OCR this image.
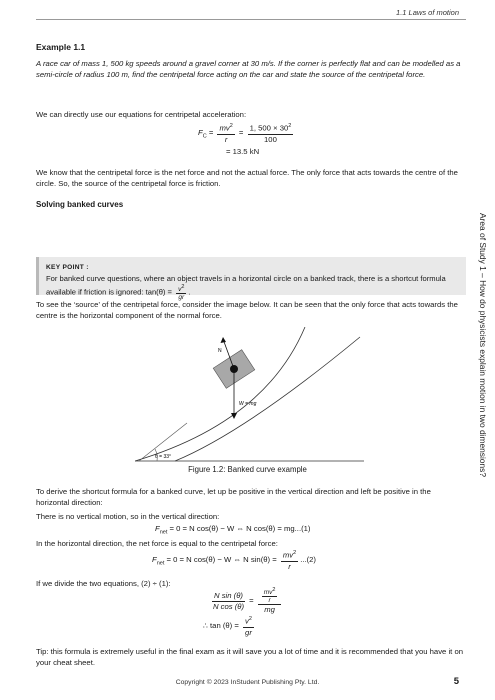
1.1 Laws of motion
Example 1.1

A race car of mass 1, 500 kg speeds around a gravel corner at 30 m/s. If the corner is perfectly flat and can be modelled as a semi-circle of radius 100 m, find the centripetal force acting on the car and state the source of the centripetal force.

We can directly use our equations for centripetal acceleration:
$F_C = \frac{mv^2}{r} = \frac{1, 500 \times 30^2}{100}$
= 13.5 kN
We know that the centripetal force is the net force and not the actual force. The only force that acts towards the centre of the circle. So, the source of the centripetal force is friction.
Solving banked curves
KEY POINT :
For banked curve questions, where an object travels in a horizontal circle on a banked track, there is a shortcut formula available if friction is ignored: $\tan(\theta) = \frac{v^2}{gr}$ .
To see the ‘source’ of the centripetal force, consider the image below. It can be seen that the only force that acts towards the centre is the horizontal component of the normal force.
N
W = mg
θ = 33°
Figure 1.2: Banked curve example
To derive the shortcut formula for a banked curve, let up be positive in the vertical direction and left be positive in the horizontal direction:
There is no vertical motion, so in the vertical direction:
$F_{net} = 0 = N$ cos(θ) − W ⇔ N cos(θ) = mg...(1)
In the horizontal direction, the net force is equal to the centripetal force:
$F_{net} = 0 = N$ cos(θ) − W ⇔ N $\sin(\theta) = \frac{mv^2}{r} ...(2)$
If we divide the two equations, (2) ÷ (1):
$\frac{\text{N sin (θ)}}{\text{N cos (θ)}} = \frac{\frac{mv^2}{r}}{mg}$
∴ $\tan (\theta) = \frac{v^2}{gr}$
Tip: this formula is extremely useful in the final exam as it will save you a lot of time and it is recommended that you have it on your cheat sheet.
Area of Study 1 – How do physicists explain motion in two dimensions?
Copyright © 2023 InStudent Publishing Pty. Ltd.	5
